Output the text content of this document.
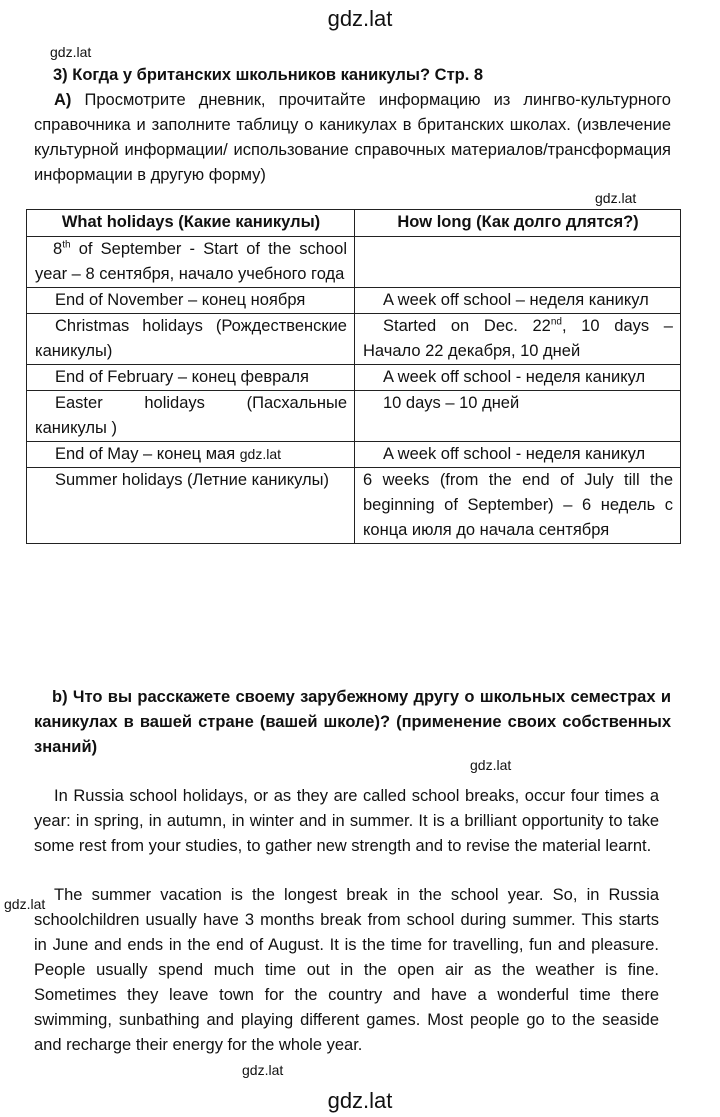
gdz.lat
gdz.lat
3) Когда у британских школьников каникулы? Стр. 8
A) Просмотрите дневник, прочитайте информацию из лингво-культурного справочника и заполните таблицу о каникулах в британских школах. (извлечение культурной информации/ использование справочных материалов/трансформация информации в другую форму)
gdz.lat
What holidays (Какие каникулы)	How long (Как долго длятся?)
8th of September - Start of the school year – 8 сентября, начало учебного года	
End of November – конец ноября	A week off school – неделя каникул
Christmas holidays (Рождественские каникулы)	Started on Dec. 22nd, 10 days – Начало 22 декабря, 10 дней
End of February – конец февраля	A week off school - неделя каникул
Easter holidays (Пасхальные каникулы )	10 days – 10 дней
End of May – конец мая gdz.lat	A week off school - неделя каникул
Summer holidays (Летние каникулы)	6 weeks (from the end of July till the beginning of September) – 6 недель с конца июля до начала сентября
b) Что вы расскажете своему зарубежному другу о школьных семестрах и каникулах в вашей стране (вашей школе)? (применение своих собственных знаний)
gdz.lat
In Russia school holidays, or as they are called school breaks, occur four times a year: in spring, in autumn, in winter and in summer. It is a brilliant opportunity to take some rest from your studies, to gather new strength and to revise the material learnt.
gdz.lat The summer vacation is the longest break in the school year. So, in Russia schoolchildren usually have 3 months break from school during summer. This starts in June and ends in the end of August. It is the time for travelling, fun and pleasure. People usually spend much time out in the open air as the weather is fine. Sometimes they leave town for the country and have a wonderful time there swimming, sunbathing and playing different games. Most people go to the seaside and recharge their energy for the whole year.
gdz.lat
gdz.lat
